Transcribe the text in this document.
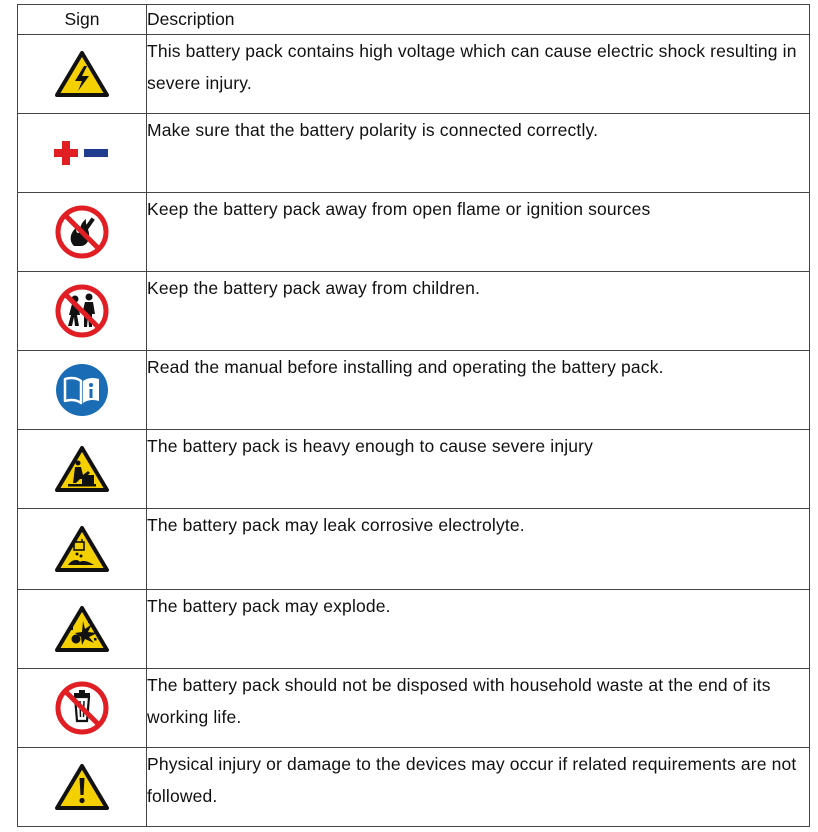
Sign	Description

	This battery pack contains high voltage which can cause electric shock resulting in severe injury.

	Make sure that the battery polarity is connected correctly.

	Keep the battery pack away from open flame or ignition sources

	Keep the battery pack away from children.

	Read the manual before installing and operating the battery pack.

	The battery pack is heavy enough to cause severe injury

	The battery pack may leak corrosive electrolyte.

	The battery pack may explode.

	The battery pack should not be disposed with household waste at the end of its working life.

	Physical injury or damage to the devices may occur if related requirements are not followed.
